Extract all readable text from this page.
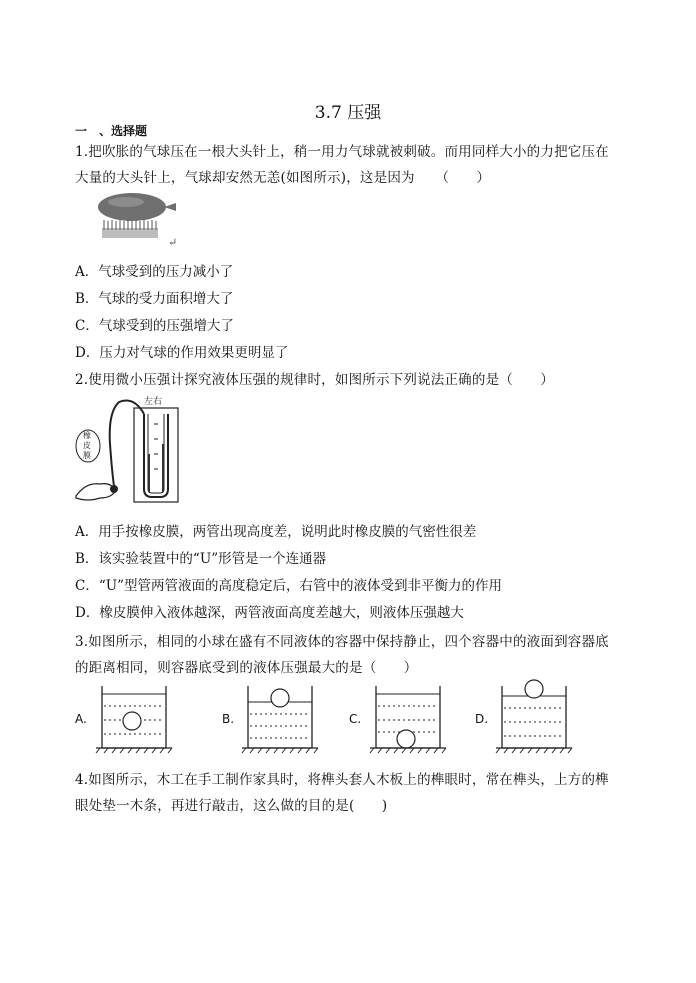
3.7 压强
一　、选择题
1.把吹胀的气球压在一根大头针上，稍一用力气球就被刺破。而用同样大小的力把它压在
大量的大头针上，气球却安然无恙(如图所示)，这是因为　　（　　）
↵
A．气球受到的压力减小了
B．气球的受力面积增大了
C．气球受到的压强增大了
D．压力对气球的作用效果更明显了
2.使用微小压强计探究液体压强的规律时，如图所示下列说法正确的是（　　）
左右
橡
皮
膜
A．用手按橡皮膜，两管出现高度差，说明此时橡皮膜的气密性很差
B．该实验装置中的“U”形管是一个连通器
C．“U”型管两管液面的高度稳定后，右管中的液体受到非平衡力的作用
D．橡皮膜伸入液体越深，两管液面高度差越大，则液体压强越大
3.如图所示，相同的小球在盛有不同液体的容器中保持静止，四个容器中的液面到容器底
的距离相同，则容器底受到的液体压强最大的是（　　）
A.	B.	C.	D.
4.如图所示，木工在手工制作家具时，将榫头套人木板上的榫眼时，常在榫头，上方的榫
眼处垫一木条，再进行敲击，这么做的目的是(　　)
